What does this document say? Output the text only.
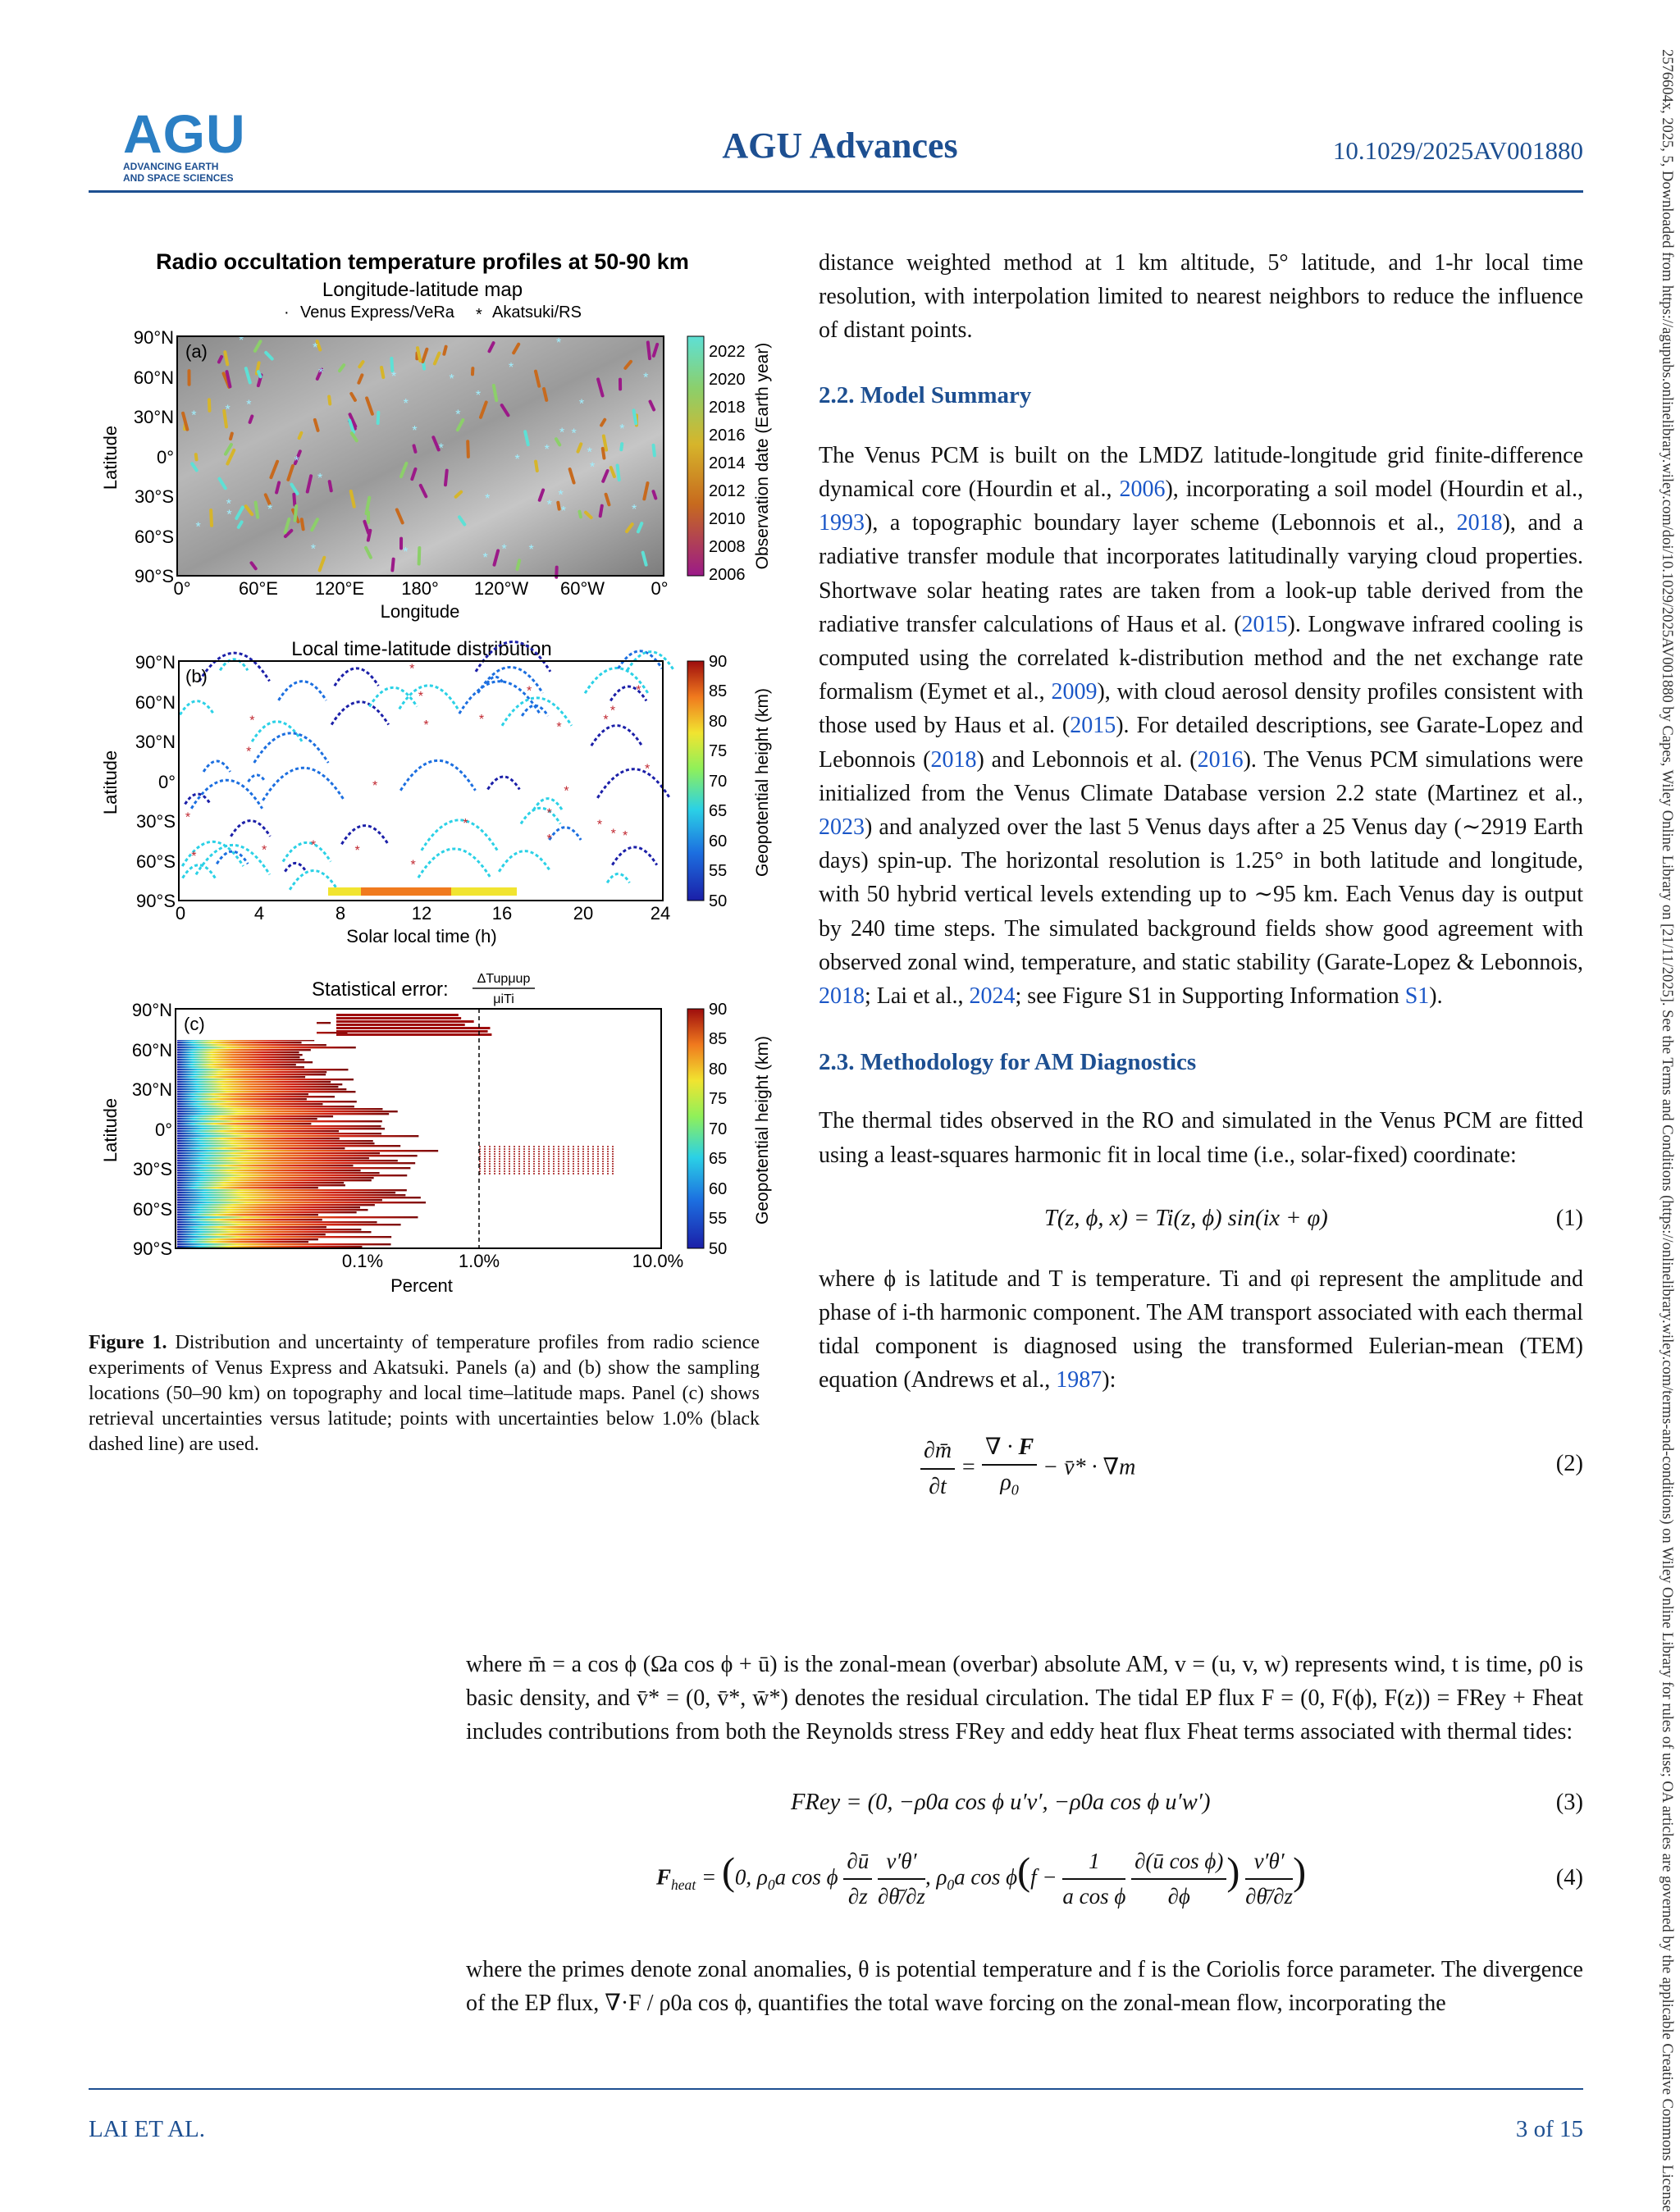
AGU
ADVANCING EARTH
AND SPACE SCIENCES
AGU Advances	10.1029/2025AV001880	2576604x, 2025, 5, Downloaded from https://agupubs.onlinelibrary.wiley.com/doi/10.1029/2025AV001880 by Capes, Wiley Online Library on [21/11/2025]. See the Terms and Conditions (https://onlinelibrary.wiley.com/terms-and-conditions) on Wiley Online Library for rules of use; OA articles are governed by the applicable Creative Commons License
Radio occultation temperature profiles at 50-90 km
Longitude-latitude map
· Venus Express/VeRa * Akatsuki/RS
*
*
*
*
*
*
*
*	*
*
*
*
*	*
*
*
*
*
*
*
*
*
*
*
*
*
*	*
*
*
*	*
*
*
*
*
*
*
*
*
(a)
90°N
60°N
30°N
0°
30°S
60°S
90°S
0°	60°E 120°E 180° 120°W 60°W	0°
Longitude
Latitude
2022
2020
2018
2016
2014
2012
2010
2008
2006
Observation date (Earth year)
Local time-latitude distribution
*
*
*
*
*
*
*
*
*	*
*
*
*
*
*
*
*
*
*
*
*
*
*
*
*
*
(b)
90°N
60°N
30°N
0°
30°S
60°S
90°S
0	4	8	12	16	20	24
Solar local time (h)
Latitude
90
85
80
75
70
65
60
55
50
Geopotential height (km)
Statistical error: ΔTupμup
μiTi
(c)
90°N
60°N
30°N
0°
30°S
60°S
90°S
0.1%	1.0%	10.0%
Percent
Latitude
90
85
80
75
70
65
60
55
50
Geopotential height (km)
Figure 1. Distribution and uncertainty of temperature profiles from radio science experiments of Venus Express and Akatsuki. Panels (a) and (b) show the sampling locations (50–90 km) on topography and local time–latitude maps. Panel (c) shows retrieval uncertainties versus latitude; points with uncertainties below 1.0% (black dashed line) are used.

distance weighted method at 1 km altitude, 5° latitude, and 1-hr local time resolution, with interpolation limited to nearest neighbors to reduce the influence of distant points.

2.2. Model Summary

The Venus PCM is built on the LMDZ latitude-longitude grid finite-difference dynamical core (Hourdin et al., 2006), incorporating a soil model (Hourdin et al., 1993), a topographic boundary layer scheme (Lebonnois et al., 2018), and a radiative transfer module that incorporates latitudinally varying cloud properties. Shortwave solar heating rates are taken from a look-up table derived from the radiative transfer calculations of Haus et al. (2015). Longwave infrared cooling is computed using the correlated k-distribution method and the net exchange rate formalism (Eymet et al., 2009), with cloud aerosol density profiles consistent with those used by Haus et al. (2015). For detailed descriptions, see Garate-Lopez and Lebonnois (2018) and Lebonnois et al. (2016). The Venus PCM simulations were initialized from the Venus Climate Database version 2.2 state (Martinez et al., 2023) and analyzed over the last 5 Venus days after a 25 Venus day (∼2919 Earth days) spin-up. The horizontal resolution is 1.25° in both latitude and longitude, with 50 hybrid vertical levels extending up to ∼95 km. Each Venus day is output by 240 time steps. The simulated background fields show good agreement with observed zonal wind, temperature, and static stability (Garate-Lopez & Lebonnois, 2018; Lai et al., 2024; see Figure S1 in Supporting Information S1).

2.3. Methodology for AM Diagnostics

The thermal tides observed in the RO and simulated in the Venus PCM are fitted using a least-squares harmonic fit in local time (i.e., solar-fixed) coordinate:

T(z, ϕ, x) = Ti(z, ϕ) sin(ix + φ)	(1)

where ϕ is latitude and T is temperature. Ti and φi represent the amplitude and phase of i-th harmonic component. The AM transport associated with each thermal tidal component is diagnosed using the transformed Eulerian-mean (TEM) equation (Andrews et al., 1987):

$\frac{\partial m̄}{\partial t} = \frac{\nabla \cdot F}{\rho_0}$ − v̄* · ∇m	(2)

where m̄ = a cos ϕ (Ωa cos ϕ + ū) is the zonal-mean (overbar) absolute AM, v = (u, v, w) represents wind, t is time, ρ0 is basic density, and v̄* = (0, v̄*, w̄*) denotes the residual circulation. The tidal EP flux F = (0, F(ϕ), F(z)) = FRey + Fheat includes contributions from both the Reynolds stress FRey and eddy heat flux Fheat terms associated with thermal tides:

FRey = (0, −ρ0a cos ϕ u′v′, −ρ0a cos ϕ u′w′)	(3)
$F_{heat} = (0$, $\rho_0a$ cos ϕ $\frac{\partial ū}{\partial z}$
$\frac{v'\theta'}{\partial\thetā/\partial z}$ , $\rho_0a$ $\cos \phi(f - \frac{1}{\text{a cos ϕ}}$
$\frac{\text{∂(ū cos ϕ)}}{\partial\phi}$ ) $\frac{v'\theta'}{\partial\thetā/\partial z}$ )	(4)

where the primes denote zonal anomalies, θ is potential temperature and f is the Coriolis force parameter. The divergence of the EP flux, ∇·F / ρ0a cos ϕ, quantifies the total wave forcing on the zonal-mean flow, incorporating the

LAI ET AL.	3 of 15
